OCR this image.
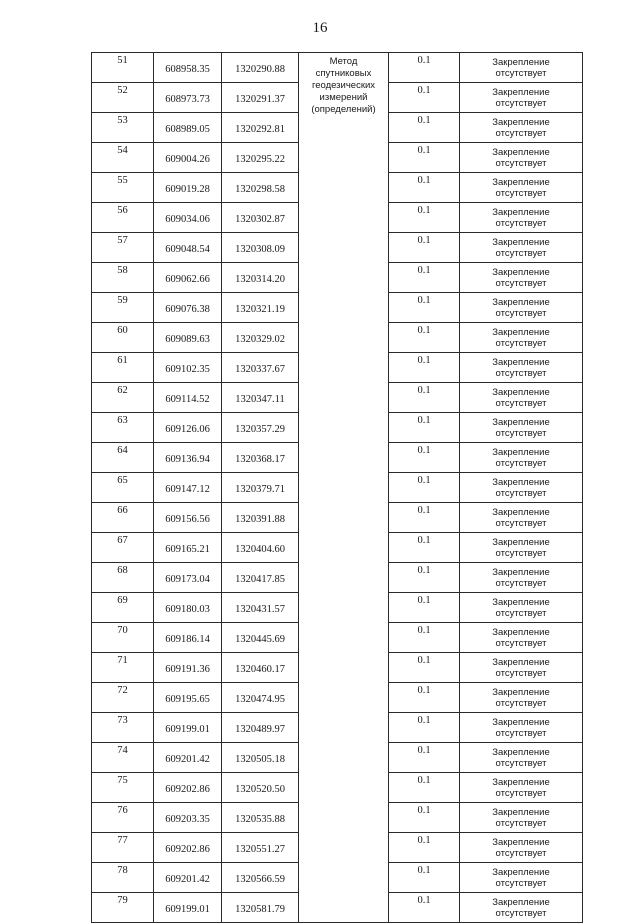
16
51	608958.35	1320290.88	Метод
спутниковых
геодезических
измерений
(определений)	0.1	Закрепление
отсутствует

52	608973.73	1320291.37		0.1	Закрепление
отсутствует

53	608989.05	1320292.81		0.1	Закрепление
отсутствует

54	609004.26	1320295.22		0.1	Закрепление
отсутствует

55	609019.28	1320298.58		0.1	Закрепление
отсутствует

56	609034.06	1320302.87		0.1	Закрепление
отсутствует

57	609048.54	1320308.09		0.1	Закрепление
отсутствует

58	609062.66	1320314.20		0.1	Закрепление
отсутствует

59	609076.38	1320321.19		0.1	Закрепление
отсутствует

60	609089.63	1320329.02		0.1	Закрепление
отсутствует

61	609102.35	1320337.67		0.1	Закрепление
отсутствует

62	609114.52	1320347.11		0.1	Закрепление
отсутствует

63	609126.06	1320357.29		0.1	Закрепление
отсутствует

64	609136.94	1320368.17		0.1	Закрепление
отсутствует

65	609147.12	1320379.71		0.1	Закрепление
отсутствует

66	609156.56	1320391.88		0.1	Закрепление
отсутствует

67	609165.21	1320404.60		0.1	Закрепление
отсутствует

68	609173.04	1320417.85		0.1	Закрепление
отсутствует

69	609180.03	1320431.57		0.1	Закрепление
отсутствует

70	609186.14	1320445.69		0.1	Закрепление
отсутствует

71	609191.36	1320460.17		0.1	Закрепление
отсутствует

72	609195.65	1320474.95		0.1	Закрепление
отсутствует

73	609199.01	1320489.97		0.1	Закрепление
отсутствует

74	609201.42	1320505.18		0.1	Закрепление
отсутствует

75	609202.86	1320520.50		0.1	Закрепление
отсутствует

76	609203.35	1320535.88		0.1	Закрепление
отсутствует

77	609202.86	1320551.27		0.1	Закрепление
отсутствует

78	609201.42	1320566.59		0.1	Закрепление
отсутствует

79	609199.01	1320581.79		0.1	Закрепление
отсутствует
